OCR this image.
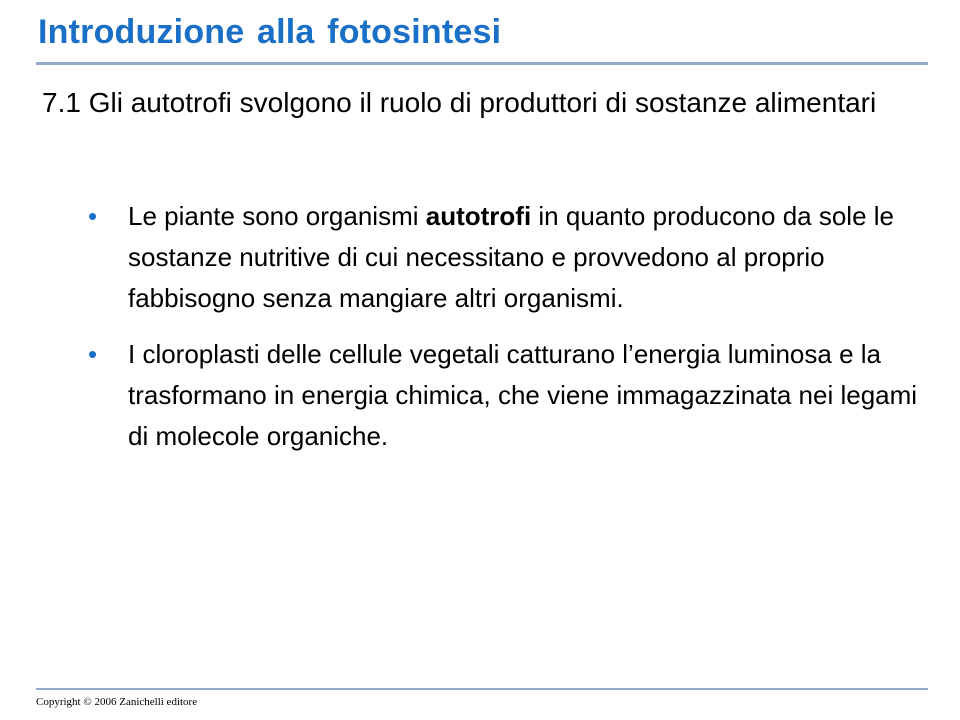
Introduzione alla fotosintesi
7.1 Gli autotrofi svolgono il ruolo di produttori di sostanze alimentari
•	Le piante sono organismi autotrofi in quanto producono da sole le sostanze nutritive di cui necessitano e provvedono al proprio fabbisogno senza mangiare altri organismi.
•	I cloroplasti delle cellule vegetali catturano l’energia luminosa e la trasformano in energia chimica, che viene immagazzinata nei legami di molecole organiche.
Copyright © 2006 Zanichelli editore
